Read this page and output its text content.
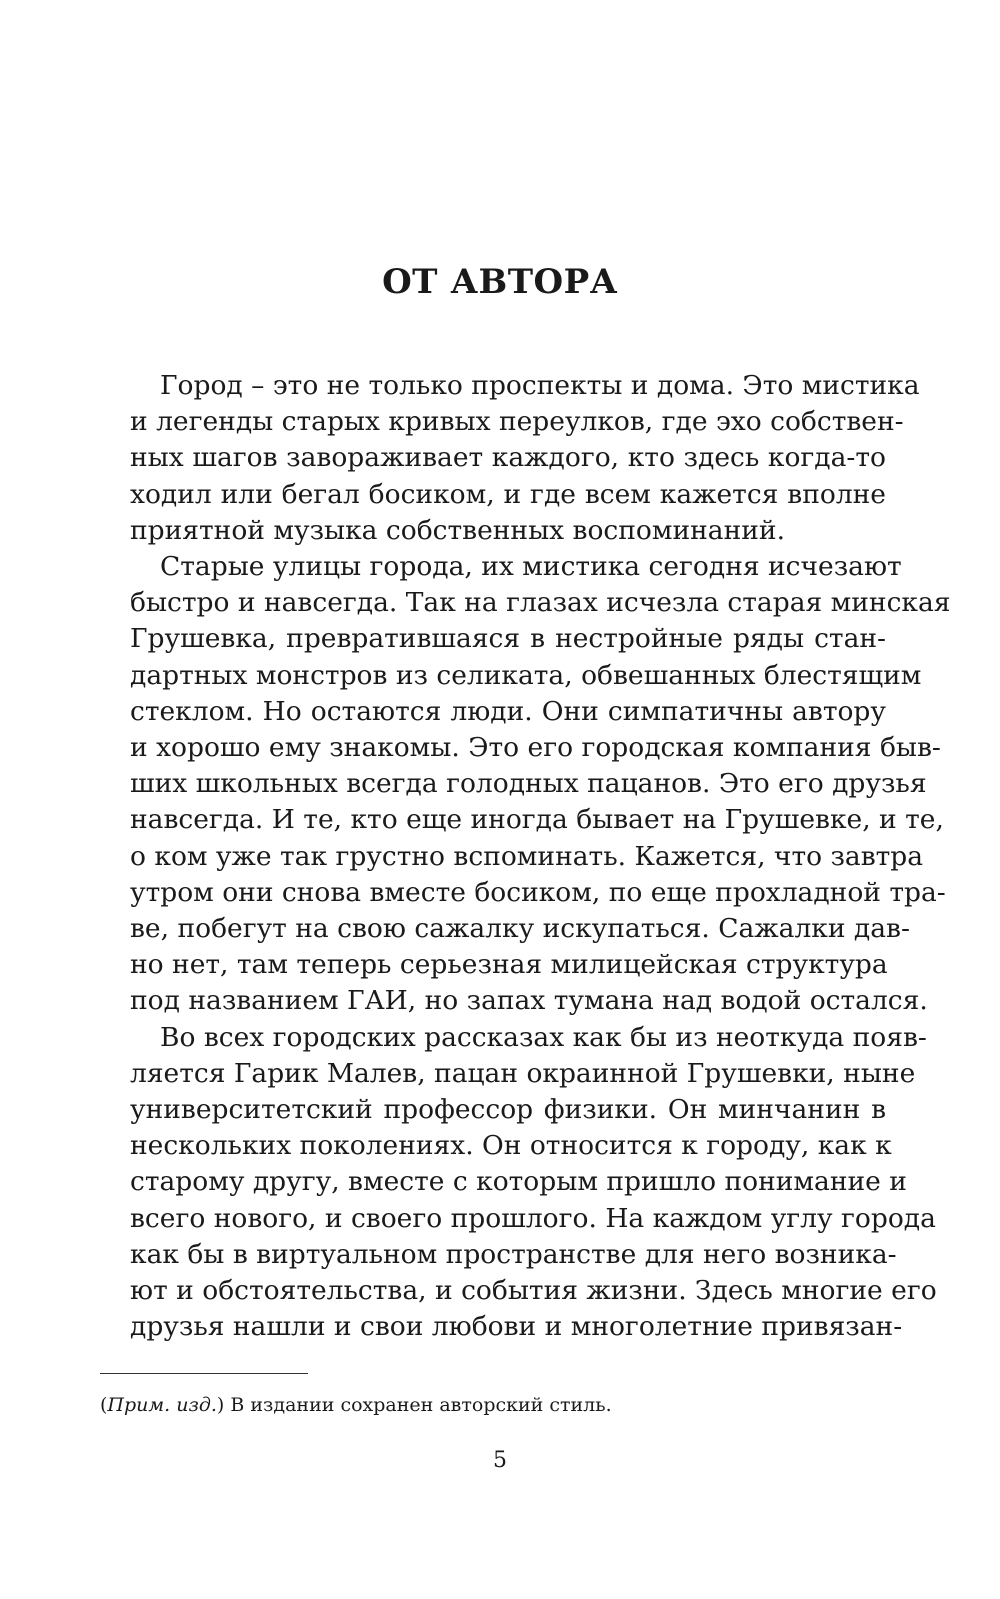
ОТ АВТОРА
Город – это не только проспекты и дома. Это мистика
и легенды старых кривых переулков, где эхо собствен-
ных шагов завораживает каждого, кто здесь когда-то
ходил или бегал босиком, и где всем кажется вполне
приятной музыка собственных воспоминаний.
Старые улицы города, их мистика сегодня исчезают
быстро и навсегда. Так на глазах исчезла старая минская
Грушевка, превратившаяся в нестройные ряды стан-
дартных монстров из селиката, обвешанных блестящим
стеклом. Но остаются люди. Они симпатичны автору
и хорошо ему знакомы. Это его городская компания быв-
ших школьных всегда голодных пацанов. Это его друзья
навсегда. И те, кто еще иногда бывает на Грушевке, и те,
о ком уже так грустно вспоминать. Кажется, что завтра
утром они снова вместе босиком, по еще прохладной тра-
ве, побегут на свою сажалку искупаться. Сажалки дав-
но нет, там теперь серьезная милицейская структура
под названием ГАИ, но запах тумана над водой остался.
Во всех городских рассказах как бы из неоткуда появ-
ляется Гарик Малев, пацан окраинной Грушевки, ныне
университетский профессор физики. Он минчанин в
нескольких поколениях. Он относится к городу, как к
старому другу, вместе с которым пришло понимание и
всего нового, и своего прошлого. На каждом углу города
как бы в виртуальном пространстве для него возника-
ют и обстоятельства, и события жизни. Здесь многие его
друзья нашли и свои любови и многолетние привязан-

(Прим. изд.) В издании сохранен авторский стиль.

5
